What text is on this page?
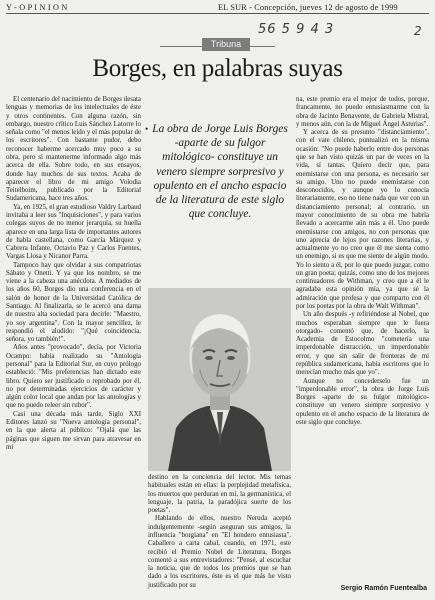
Y - O P I N I O N	EL SUR - Concepción, jueves 12 de agosto de 1999
2
56 5 9 4 3
Tribuna
Borges, en palabras suyas

El centenario del nacimiento de Borges desata lenguas y memorias de los intelectuales de éste y otros continentes. Con alguna razón, sin embargo, nuestro crítico Luis Sánchez Latorre lo señala como "el menos leído y el más popular de los escritores". Con bastante pudor, debo reconocer haberme acercado muy poco a su obra, pero sí mantenerme informado algo más acerca de ella. Sobre todo, en sus ensayos, donde hay muchos de sus textos. Acaba de aparecer el libro de mi amigo Volodia Teitelboim, publicado por la Editorial Sudamericana, hace tres años.

Ya, en 1925, el gran estudioso Valdry Larbaud invitaba a leer sus "Inquisiciones", y para varios colegas suyos de no menor jerarquía, su huella aparece en una larga lista de importantes autores de habla castellana, como García Márquez y Cabrera Infante, Octavio Paz y Carlos Fuentes, Vargas Llosa y Nicanor Parra.

Tampoco hay que olvidar a sus compatriotas Sábato y Onetti. Y ya que los nombro, se me viene a la cabeza una anécdota. A mediados de los años 60, Borges dio una conferencia en el salón de honor de la Universidad Católica de Santiago. Al finalizarla, se le acercó una dama de nuestra alta sociedad para decirle: "Maestro, yo soy argentina". Con la mayor sencillez, le respondió el aludido: "¡Qué coincidencia, señora, yo también!".

Años antes "provocado", decía, por Victoria Ocampo: había realizado su "Antología personal" para la Editorial Sur, en cuyo prólogo estableció: "Mis preferencias han dictado este libro. Quiero ser justificado o reprobado por él, no por determinadas ejercicios de carácter y algún color local que andan por las antologías y que no puedo releer sin rubor".

Casi una década más tarde, Siglo XXI Editores lanzó su "Nueva antología personal", en la que alerta al público: "Ojalá que las páginas que siguen me sirvan para atravesar en mi

• La obra de Jorge Luis Borges -aparte de su fulgor mitológico- constituye un venero siempre sorpresivo y opulento en el ancho espacio de la literatura de este siglo que concluye.

destino en la conciencia del lector. Mis temas habituales están en ellas: la perplejidad metafísica, los muertos que perduran en mí, la germanística, el lenguaje, la patria, la paradójica suerte de los poetas".

Hablando de ellos, nuestro Neruda aceptó indulgentemente -según aseguran sus amigos, la influencia "borgiana" en "El hondero entusiasta". Caballero a carta cabal, cuando, en 1971, este recibió el Premio Nobel de Literatura, Borges comentó a sus entrevistadores: "Pensé, al escuchar la noticia, que de todos los premios que se han dado a los escritores, éste es el que más he visto justificado por su

na, este premio era el mejor de todos, porque, francamente, no puedo entusiasmarme con la obra de Jacinto Benavente, de Gabriela Mistral, y menos aún, con la de Miguel Ángel Asturias".

Y acerca de su presunto "distanciamiento", con el vate chileno, puntualizó en la misma ocasión: "No puede haberlo entre dos personas que se han visto quizás un par de veces en la vida, sí tantas. Quiero decir que, para enemistarse con una persona, es necesario ser su amigo. Uno no puede enemistarse con desconocidos, y aunque yo lo conocía literariamente, eso no tiene nada que ver con un distanciamiento personal; al contrario, un mayor conocimiento de su obra me habría llevado a acercarme aún más a él. Uno puede enemistarse con amigos, no con personas que uno aprecia de lejos por razones literarias, y actualmente yo no creo que él me sienta como un enemigo, si es que me siente de algún modo. Yo lo siento a él, por lo que puedo juzgar, como un gran poeta; quizás, como uno de los mejores continuadores de Withman, y creo que a él le agradaba esta opinión mía, ya que sé la admiración que profesa y que comparto con él por los poetas por la obra de Walt Withman".

Un año después -y refiriéndose al Nobel, que muchos esperaban siempre que le fuera otorgado- comentó que, de hacerlo, la Academia de Estocolmo "cometería una imperdonable distracción, un imperdonable error, y que sin salir de fronteras de mi república sudamericana, había escritores que lo merecían mucho más que yo".

Aunque no concederselo fue un "imperdonable error", la obra de Jorge Luis Borges -aparte de su fulgor mitológico- constituye un venero siempre sorpresivo y opulento en el ancho espacio de la literatura de este siglo que concluye.

Sergio Ramón Fuentealba
